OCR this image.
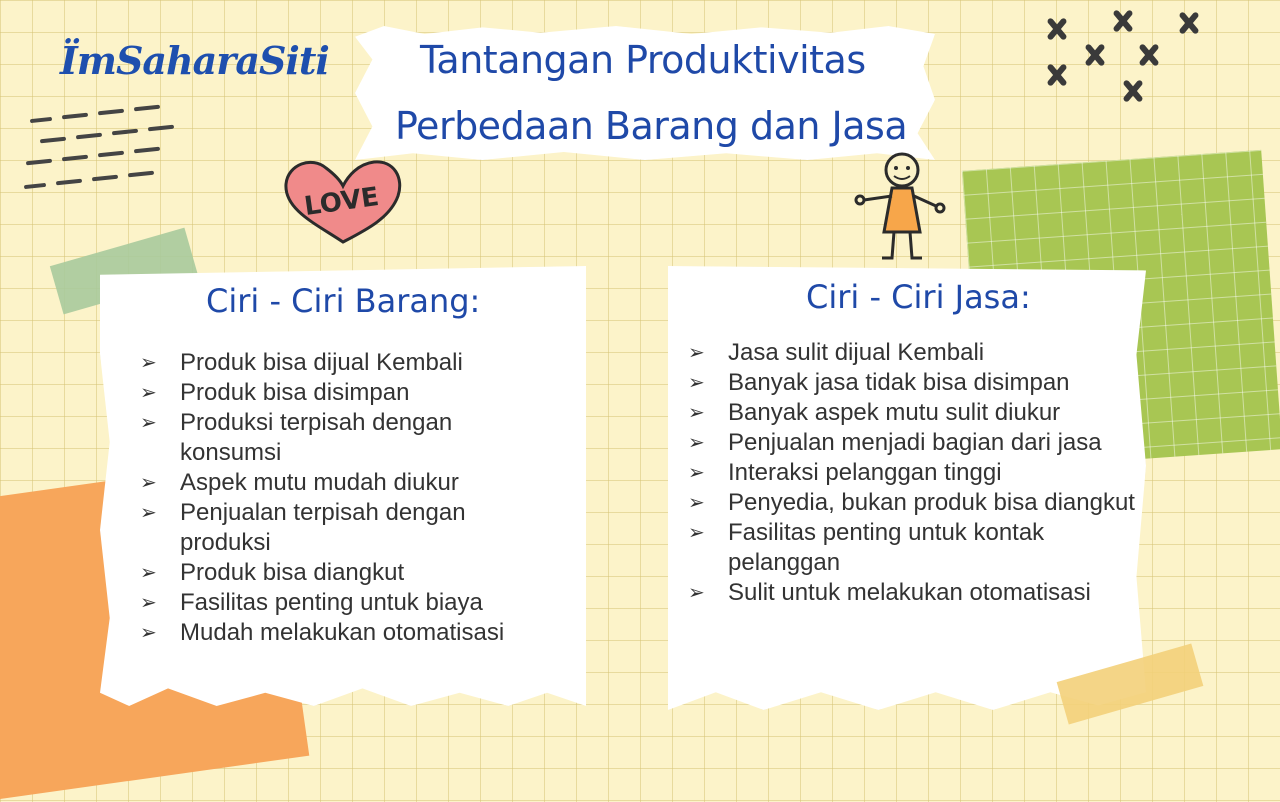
ÏmSaharaSiti Tantangan Produktivitas
Perbedaan Barang dan Jasa
LOVE
Ciri - Ciri Barang:
➢ Produk bisa dijual Kembali
➢ Produk bisa disimpan
➢ Produksi terpisah dengan konsumsi
➢ Aspek mutu mudah diukur
➢ Penjualan terpisah dengan produksi
➢ Produk bisa diangkut
➢ Fasilitas penting untuk biaya
➢ Mudah melakukan otomatisasi
Ciri - Ciri Jasa:
➢ Jasa sulit dijual Kembali
➢ Banyak jasa tidak bisa disimpan
➢ Banyak aspek mutu sulit diukur
➢ Penjualan menjadi bagian dari jasa
➢ Interaksi pelanggan tinggi
➢ Penyedia, bukan produk bisa diangkut
➢ Fasilitas penting untuk kontak pelanggan
➢ Sulit untuk melakukan otomatisasi
